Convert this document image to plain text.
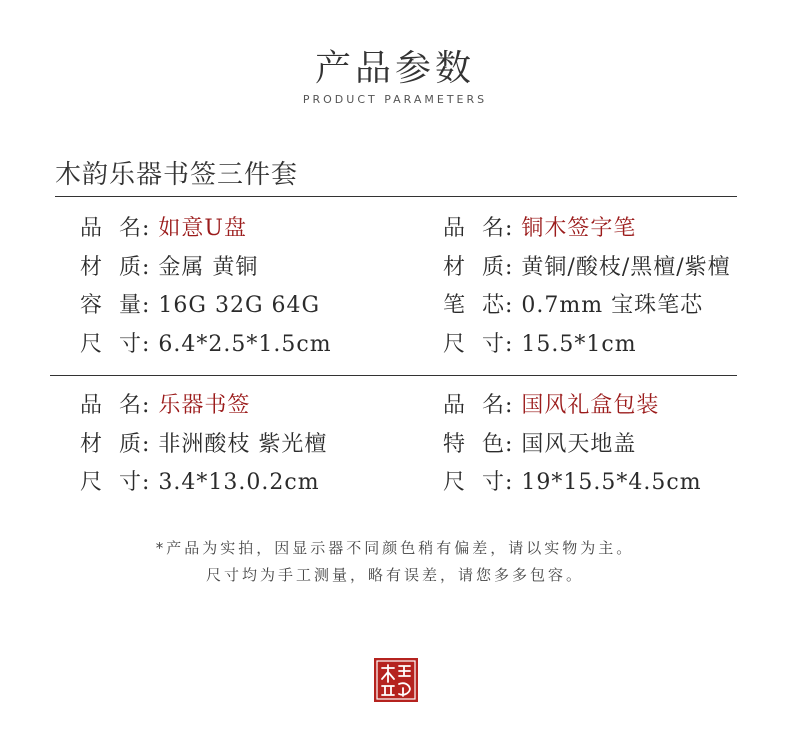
产品参数
PRODUCT PARAMETERS
木韵乐器书签三件套
品  名: 如意U盘
材  质: 金属 黄铜
容  量: 16G 32G 64G
尺  寸: 6.4*2.5*1.5cm
品  名: 铜木签字笔
材  质: 黄铜/酸枝/黑檀/紫檀
笔  芯: 0.7mm 宝珠笔芯
尺  寸: 15.5*1cm
品  名: 乐器书签
材  质: 非洲酸枝 紫光檀
尺  寸: 3.4*13.0.2cm
品  名: 国风礼盒包装
特  色: 国风天地盖
尺  寸: 19*15.5*4.5cm
*产品为实拍，因显示器不同颜色稍有偏差，请以实物为主。
尺寸均为手工测量，略有误差，请您多多包容。
